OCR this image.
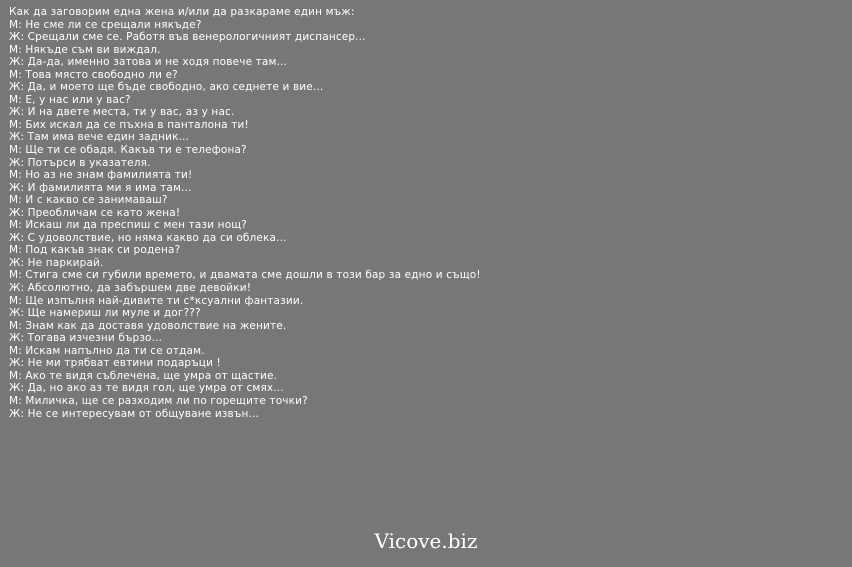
Как да заговорим една жена и/или да разкараме един мъж:
М: Не сме ли се срещали някъде?
Ж: Срещали сме се. Работя във венерологичният диспансер...
М: Някъде съм ви виждал.
Ж: Да-да, именно затова и не ходя повече там...
М: Това място свободно ли е?
Ж: Да, и моето ще бъде свободно, ако седнете и вие...
М: Е, у нас или у вас?
Ж: И на двете места, ти у вас, аз у нас.
М: Бих искал да се пъхна в панталона ти!
Ж: Там има вече един задник...
М: Ще ти се обадя. Какъв ти е телефона?
Ж: Потърси в указателя.
М: Но аз не знам фамилията ти!
Ж: И фамилията ми я има там...
М: И с какво се занимаваш?
Ж: Преобличам се като жена!
М: Искаш ли да преспиш с мен тази нощ?
Ж: С удоволствие, но няма какво да си облека...
М: Под какъв знак си родена?
Ж: Не паркирай.
М: Стига сме си губили времето, и двамата сме дошли в този бар за едно и също!
Ж: Абсолютно, да забършем две девойки!
М: Ще изпълня най-дивите ти с*ксуални фантазии.
Ж: Ще намериш ли муле и дог???
М: Знам как да доставя удоволствие на жените.
Ж: Тогава изчезни бързо...
М: Искам напълно да ти се отдам.
Ж: Не ми трябват евтини подаръци !
М: Ако те видя съблечена, ще умра от щастие.
Ж: Да, но ако аз те видя гол, ще умра от смях...
М: Миличка, ще се разходим ли по горещите точки?
Ж: Не се интересувам от общуване извън...
Vicove.biz
